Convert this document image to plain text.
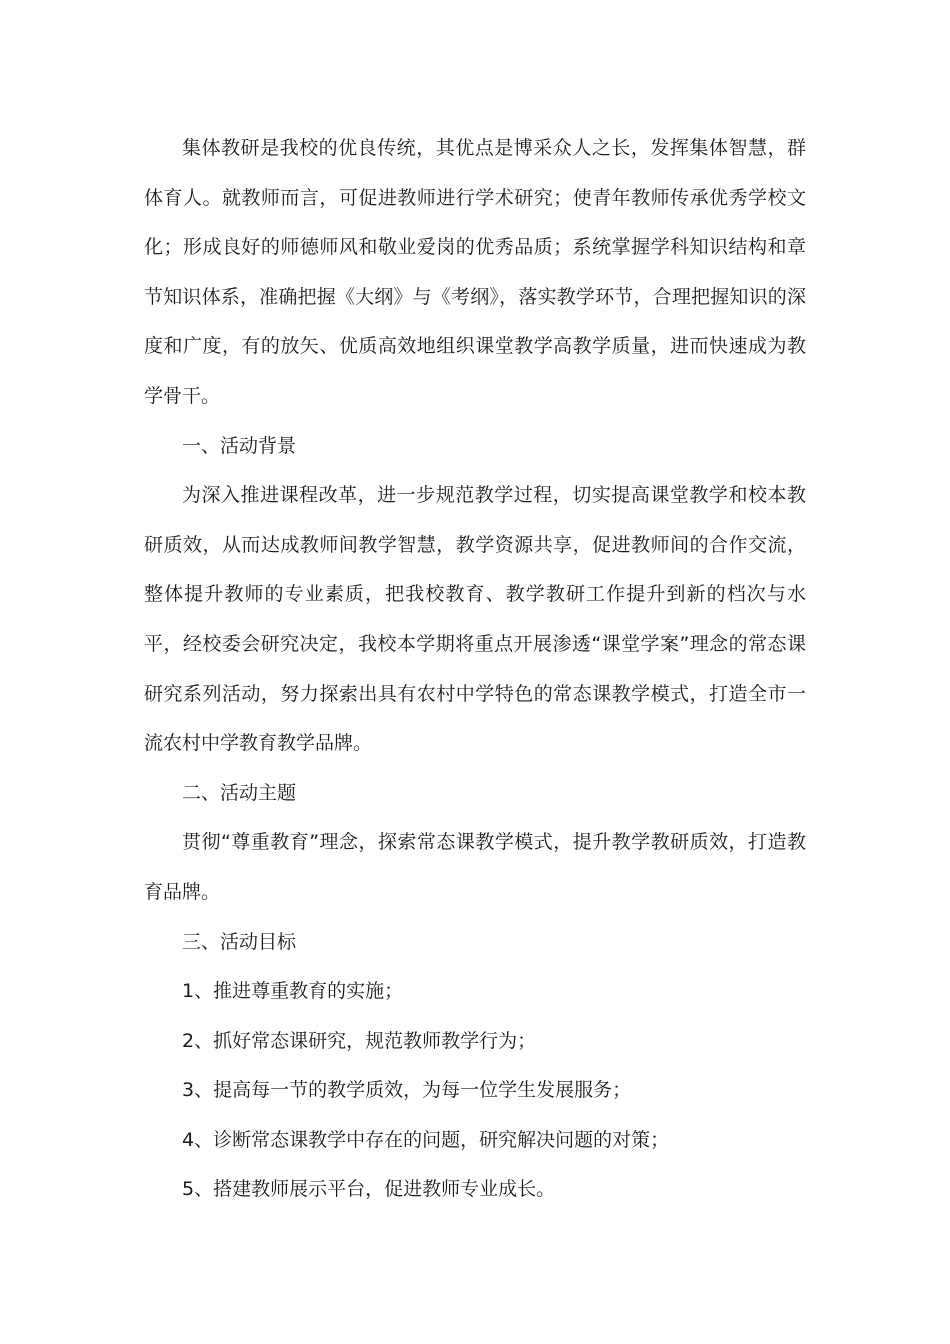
集体教研是我校的优良传统，其优点是博采众人之长，发挥集体智慧，群体育人。就教师而言，可促进教师进行学术研究；使青年教师传承优秀学校文化；形成良好的师德师风和敬业爱岗的优秀品质；系统掌握学科知识结构和章节知识体系，准确把握《大纲》与《考纲》，落实教学环节，合理把握知识的深度和广度，有的放矢、优质高效地组织课堂教学高教学质量，进而快速成为教学骨干。

一、活动背景

为深入推进课程改革，进一步规范教学过程，切实提高课堂教学和校本教研质效，从而达成教师间教学智慧，教学资源共享，促进教师间的合作交流，整体提升教师的专业素质，把我校教育、教学教研工作提升到新的档次与水平，经校委会研究决定，我校本学期将重点开展渗透“课堂学案”理念的常态课研究系列活动，努力探索出具有农村中学特色的常态课教学模式，打造全市一流农村中学教育教学品牌。

二、活动主题

贯彻“尊重教育”理念，探索常态课教学模式，提升教学教研质效，打造教育品牌。

三、活动目标

1、推进尊重教育的实施；

2、抓好常态课研究，规范教师教学行为；

3、提高每一节的教学质效，为每一位学生发展服务；

4、诊断常态课教学中存在的问题，研究解决问题的对策；

5、搭建教师展示平台，促进教师专业成长。
